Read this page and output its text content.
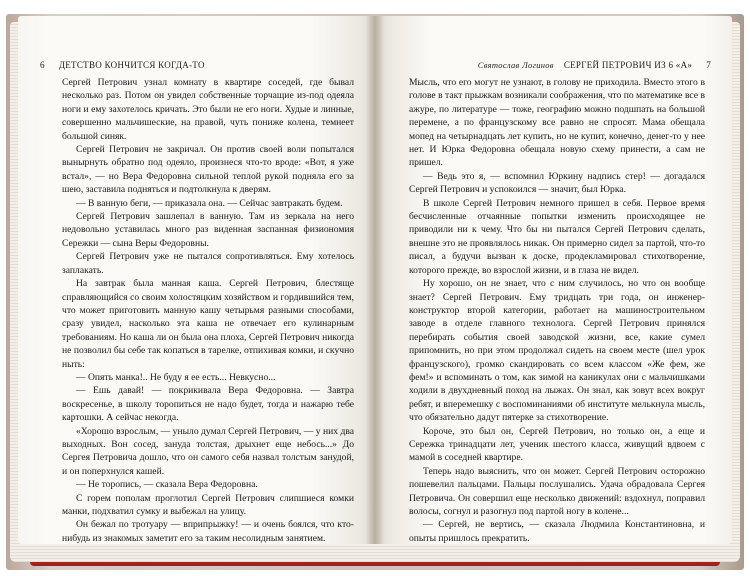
6 ДЕТСТВО КОНЧИТСЯ КОГДА-ТО

Сергей Петрович узнал комнату в квартире соседей, где бывал несколько раз. Потом он увидел собственные торчащие из-под одеяла ноги и ему захотелось кричать. Это были не его ноги. Худые и линные, совершенно мальчишеские, на правой, чуть пониже колена, темнеет большой синяк.

Сергей Петрович не закричал. Он против своей воли попытался вынырнуть обратно под одеяло, произнеся что-то вроде: «Вот, я уже встал», — но Вера Федоровна сильной теплой рукой подняла его за шею, заставила подняться и подтолкнула к дверям.

— В ванную беги, — приказала она. — Сейчас завтракать будем.

Сергей Петрович зашлепал в ванную. Там из зеркала на него недовольно уставилась много раз виденная заспанная физиономия Сережки — сына Веры Федоровны.

Сергей Петрович уже не пытался сопротивляться. Ему хотелось заплакать.

На завтрак была манная каша. Сергей Петрович, блестяще справляющийся со своим холостяцким хозяйством и гордившийся тем, что может приготовить манную кашу четырьмя разными способами, сразу увидел, насколько эта каша не отвечает его кулинарным требованиям. Но каша ли он была она плоха, Сергей Петрович никогда не позволил бы себе так копаться в тарелке, отпихивая комки, и скучно ныть:

— Опять манка!.. Не буду я ее есть... Невкусно...

— Ешь давай! — покрикивала Вера Федоровна. — Завтра воскресенье, в школу торопиться не надо будет, тогда и нажарю тебе картошки. А сейчас некогда.

«Хорошо взрослым, — уныло думал Сергей Петрович, — у них два выходных. Вон сосед, зануда толстая, дрыхнет еще небось...» До Сергея Петровича дошло, что он самого себя назвал толстым занудой, и он поперхнулся кашей.

— Не торопись, — сказала Вера Федоровна.

С горем пополам проглотил Сергей Петрович слипшиеся комки манки, подхватил сумку и выбежал на улицу.

Он бежал по тротуару — вприпрыжку! — и очень боялся, что кто-нибудь из знакомых заметит его за таким несолидным занятием.

Святослав Логинов СЕРГЕЙ ПЕТРОВИЧ ИЗ 6 «А» 7

Мысль, что его могут не узнают, в голову не приходила. Вместо этого в голове в такт прыжкам возникали соображения, что по математике все в ажуре, по литературе — тоже, географию можно подшпать на большой перемене, а по французскому все равно не спросят. Мама обещала мопед на четырнадцать лет купить, но не купит, конечно, денег-то у нее нет. И Юрка Федоровна обещала новую схему принести, а сам не пришел.

— Ведь это я, — вспомнил Юркину надпись стер! — догадался Сергей Петрович и успокоился — значит, был Юрка.

В школе Сергей Петрович немного пришел в себя. Первое время бесчисленные отчаянные попытки изменить происходящее не приводили ни к чему. Что бы ни пытался Сергей Петрович сделать, внешне это не проявлялось никак. Он примерно сидел за партой, что-то писал, а будучи вызван к доске, продекламировал стихотворение, которого прежде, во взрослой жизни, и в глаза не видел.

Ну хорошо, он не знает, что с ним случилось, но что он вообще знает? Сергей Петрович. Ему тридцать три года, он инженер-конструктор второй категории, работает на машиностроительном заводе в отделе главного технолога. Сергей Петрович принялся перебирать события своей заводской жизни, все, какие сумел припомнить, но при этом продолжал сидеть на своем месте (шел урок французского), громко скандировать со всем классом «Же фем, же фем!» и вспоминать о том, как зимой на каникулах они с мальчишками ходили в двухдневный поход на лыжах. Он знал, как зовут всех вокруг ребят, и вперемешку с воспоминаниями об институте мелькнула мысль, что обязательно дадут пятерке за стихотворение.

Короче, это был он, Сергей Петрович, но только он, а еще и Сережка тринадцати лет, ученик шестого класса, живущий вдвоем с мамой в соседней квартире.

Теперь надо выяснить, что он может. Сергей Петрович осторожно пошевелил пальцами. Пальцы послушались. Удача обрадовала Сергея Петровича. Он совершил еще несколько движений: вздохнул, поправил волосы, согнул и разогнул под партой ногу в колене...

— Сергей, не вертись, — сказала Людмила Константиновна, и опыты пришлось прекратить.
